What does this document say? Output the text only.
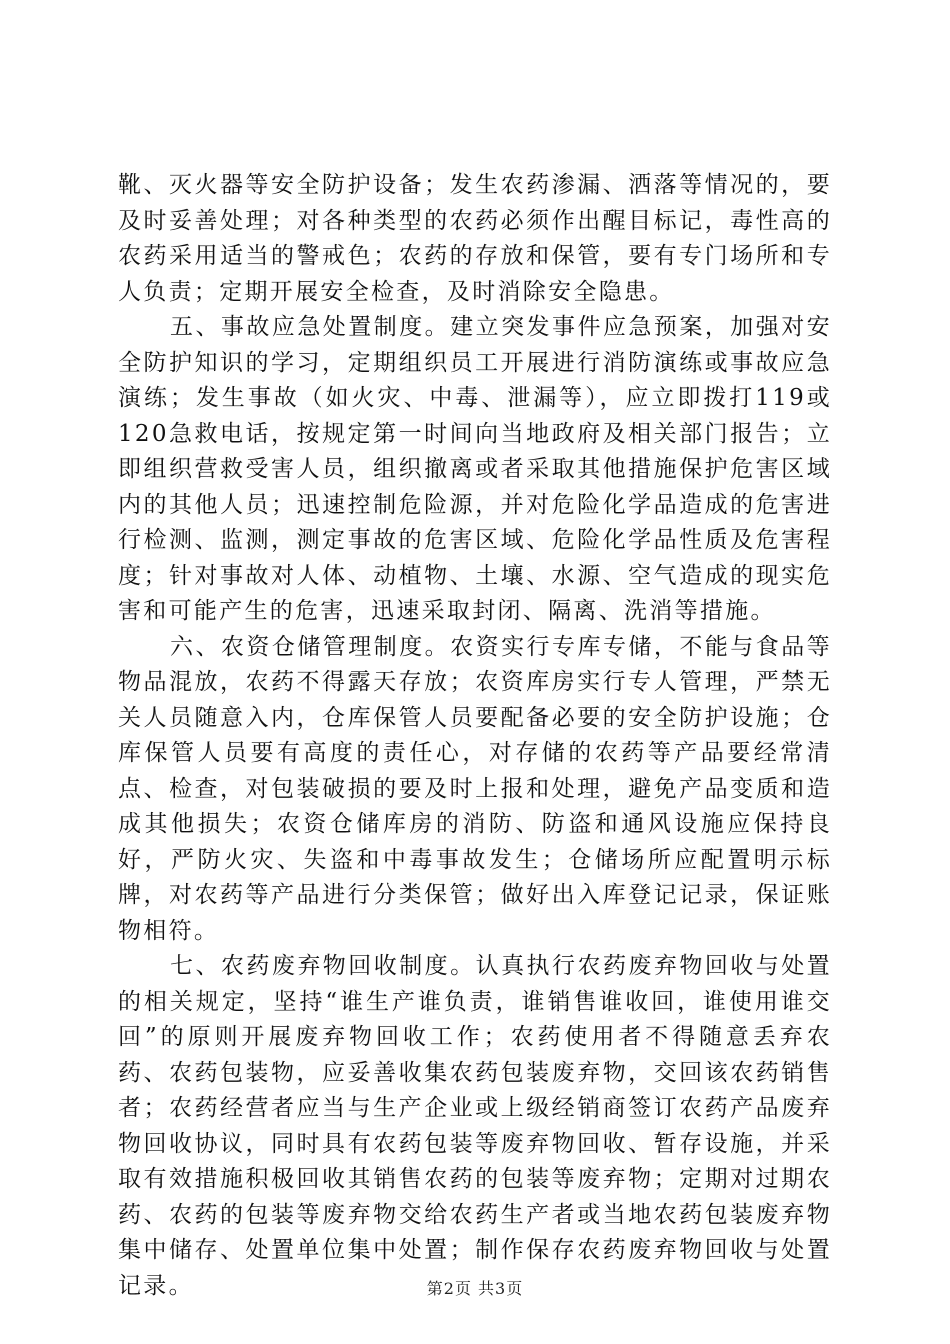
靴、灭火器等安全防护设备；发生农药渗漏、洒落等情况的，要及时妥善处理；对各种类型的农药必须作出醒目标记，毒性高的农药采用适当的警戒色；农药的存放和保管，要有专门场所和专人负责；定期开展安全检查，及时消除安全隐患。

五、事故应急处置制度。建立突发事件应急预案，加强对安全防护知识的学习，定期组织员工开展进行消防演练或事故应急演练；发生事故（如火灾、中毒、泄漏等），应立即拨打119或120急救电话，按规定第一时间向当地政府及相关部门报告；立即组织营救受害人员，组织撤离或者采取其他措施保护危害区域内的其他人员；迅速控制危险源，并对危险化学品造成的危害进行检测、监测，测定事故的危害区域、危险化学品性质及危害程度；针对事故对人体、动植物、土壤、水源、空气造成的现实危害和可能产生的危害，迅速采取封闭、隔离、洗消等措施。

六、农资仓储管理制度。农资实行专库专储，不能与食品等物品混放，农药不得露天存放；农资库房实行专人管理，严禁无关人员随意入内，仓库保管人员要配备必要的安全防护设施；仓库保管人员要有高度的责任心，对存储的农药等产品要经常清点、检查，对包装破损的要及时上报和处理，避免产品变质和造成其他损失；农资仓储库房的消防、防盗和通风设施应保持良好，严防火灾、失盗和中毒事故发生；仓储场所应配置明示标牌，对农药等产品进行分类保管；做好出入库登记记录，保证账物相符。

七、农药废弃物回收制度。认真执行农药废弃物回收与处置的相关规定，坚持“谁生产谁负责，谁销售谁收回，谁使用谁交回”的原则开展废弃物回收工作；农药使用者不得随意丢弃农药、农药包装物，应妥善收集农药包装废弃物，交回该农药销售者；农药经营者应当与生产企业或上级经销商签订农药产品废弃物回收协议，同时具有农药包装等废弃物回收、暂存设施，并采取有效措施积极回收其销售农药的包装等废弃物；定期对过期农药、农药的包装等废弃物交给农药生产者或当地农药包装废弃物集中储存、处置单位集中处置；制作保存农药废弃物回收与处置记录。	第2页 共3页
